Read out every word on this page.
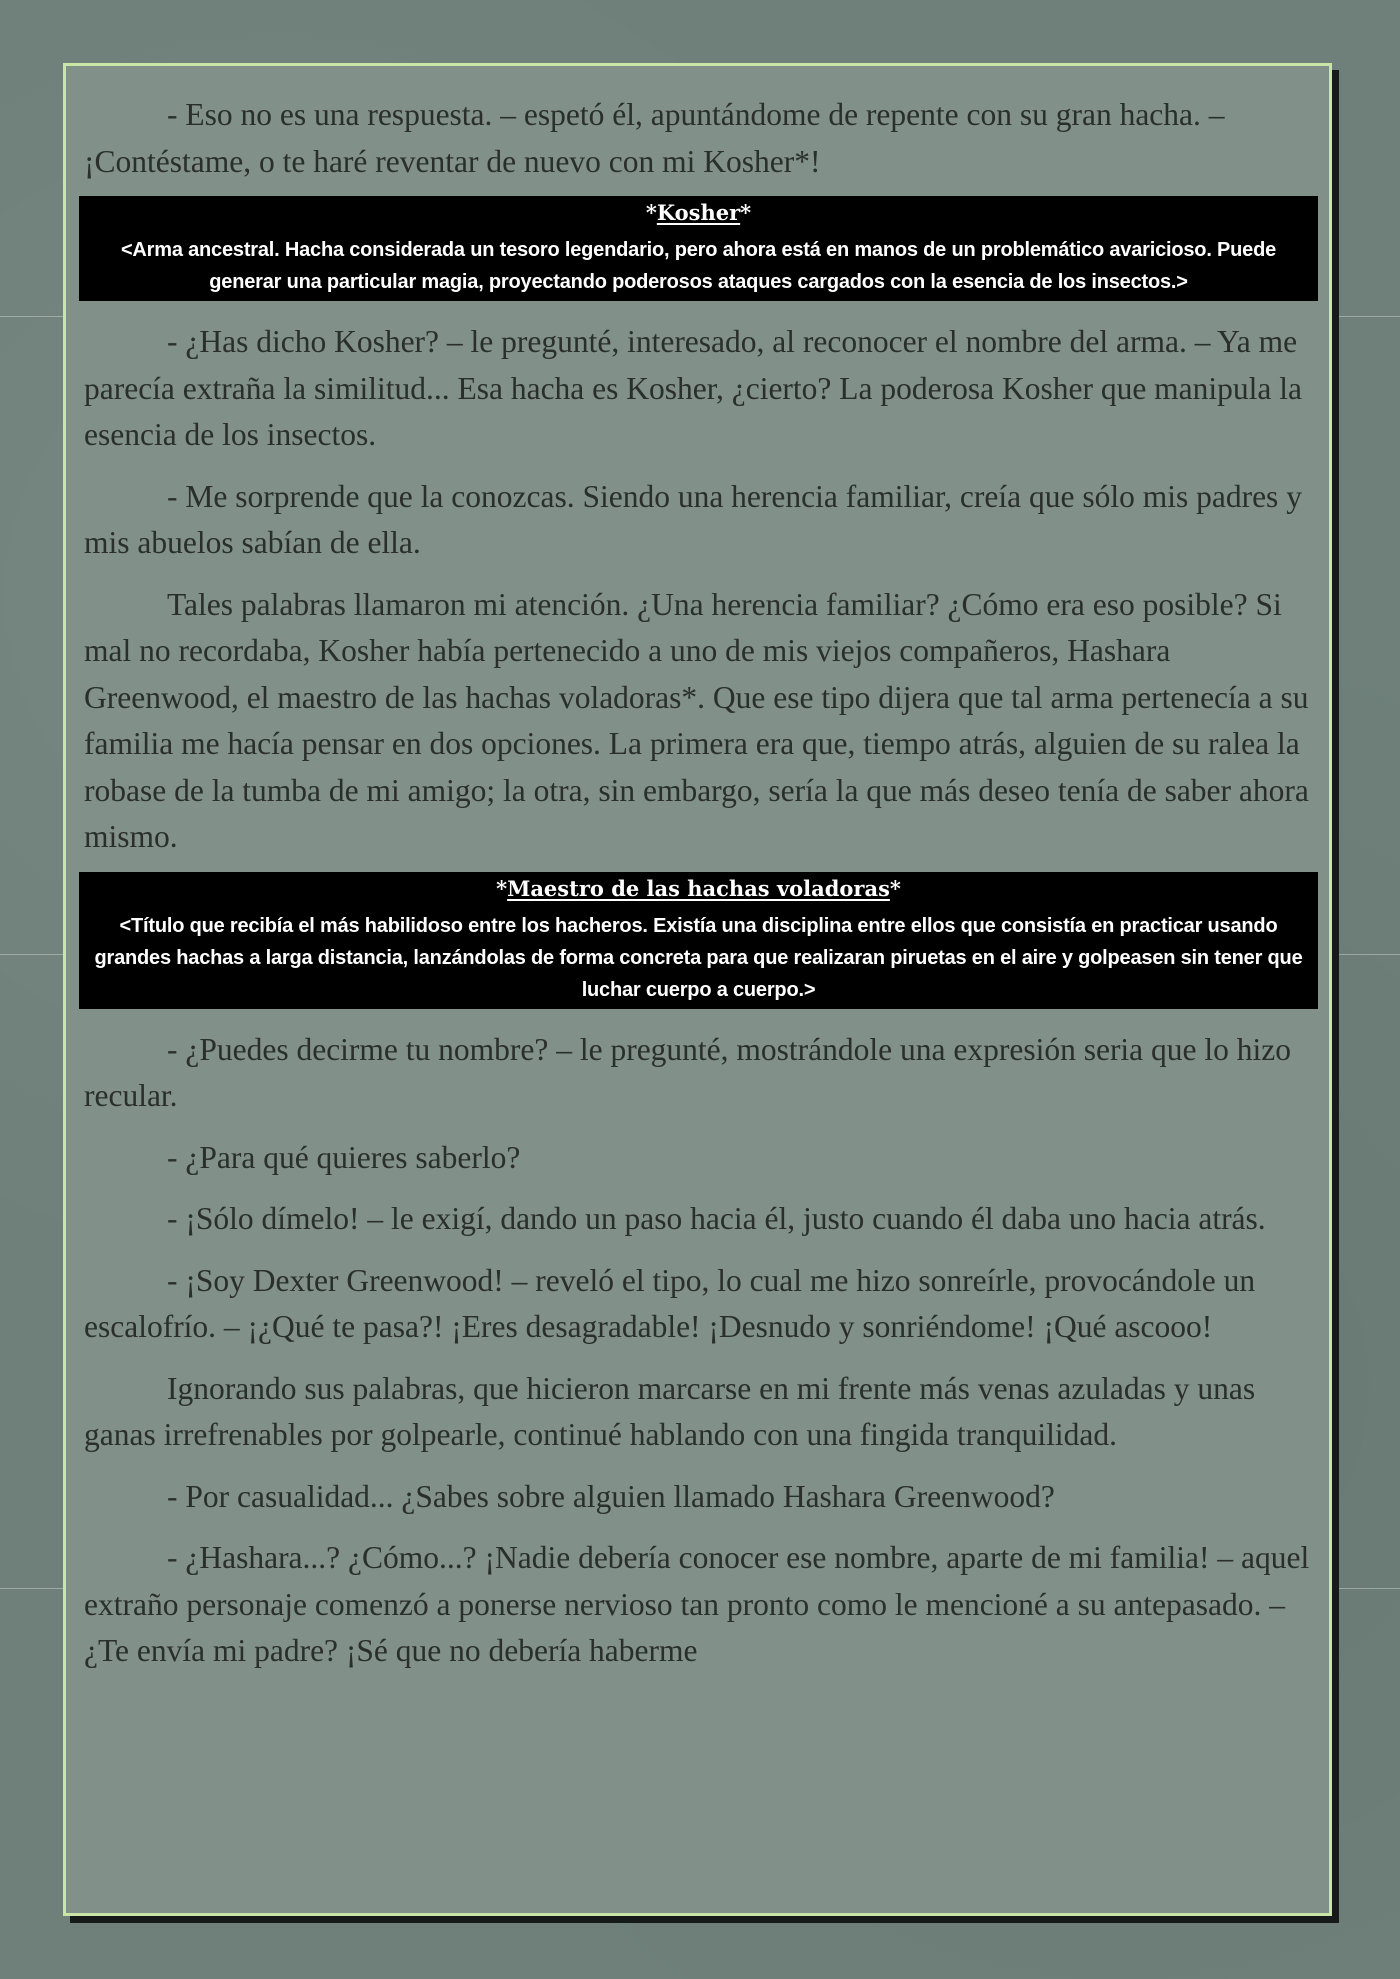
- Eso no es una respuesta. – espetó él, apuntándome de repente con su gran hacha. – ¡Contéstame, o te haré reventar de nuevo con mi Kosher*!

*Kosher*
<Arma ancestral. Hacha considerada un tesoro legendario, pero ahora está en manos de un problemático avaricioso. Puede generar una particular magia, proyectando poderosos ataques cargados con la esencia de los insectos.>

- ¿Has dicho Kosher? – le pregunté, interesado, al reconocer el nombre del arma. – Ya me parecía extraña la similitud... Esa hacha es Kosher, ¿cierto? La poderosa Kosher que manipula la esencia de los insectos.

- Me sorprende que la conozcas. Siendo una herencia familiar, creía que sólo mis padres y mis abuelos sabían de ella.

Tales palabras llamaron mi atención. ¿Una herencia familiar? ¿Cómo era eso posible? Si mal no recordaba, Kosher había pertenecido a uno de mis viejos compañeros, Hashara Greenwood, el maestro de las hachas voladoras*. Que ese tipo dijera que tal arma pertenecía a su familia me hacía pensar en dos opciones. La primera era que, tiempo atrás, alguien de su ralea la robase de la tumba de mi amigo; la otra, sin embargo, sería la que más deseo tenía de saber ahora mismo.

*Maestro de las hachas voladoras*
<Título que recibía el más habilidoso entre los hacheros. Existía una disciplina entre ellos que consistía en practicar usando grandes hachas a larga distancia, lanzándolas de forma concreta para que realizaran piruetas en el aire y golpeasen sin tener que luchar cuerpo a cuerpo.>

- ¿Puedes decirme tu nombre? – le pregunté, mostrándole una expresión seria que lo hizo recular.

- ¿Para qué quieres saberlo?

- ¡Sólo dímelo! – le exigí, dando un paso hacia él, justo cuando él daba uno hacia atrás.

- ¡Soy Dexter Greenwood! – reveló el tipo, lo cual me hizo sonreírle, provocándole un escalofrío. – ¡¿Qué te pasa?! ¡Eres desagradable! ¡Desnudo y sonriéndome! ¡Qué ascooo!

Ignorando sus palabras, que hicieron marcarse en mi frente más venas azuladas y unas ganas irrefrenables por golpearle, continué hablando con una fingida tranquilidad.

- Por casualidad... ¿Sabes sobre alguien llamado Hashara Greenwood?

- ¿Hashara...? ¿Cómo...? ¡Nadie debería conocer ese nombre, aparte de mi familia! – aquel extraño personaje comenzó a ponerse nervioso tan pronto como le mencioné a su antepasado. – ¿Te envía mi padre? ¡Sé que no debería haberme
